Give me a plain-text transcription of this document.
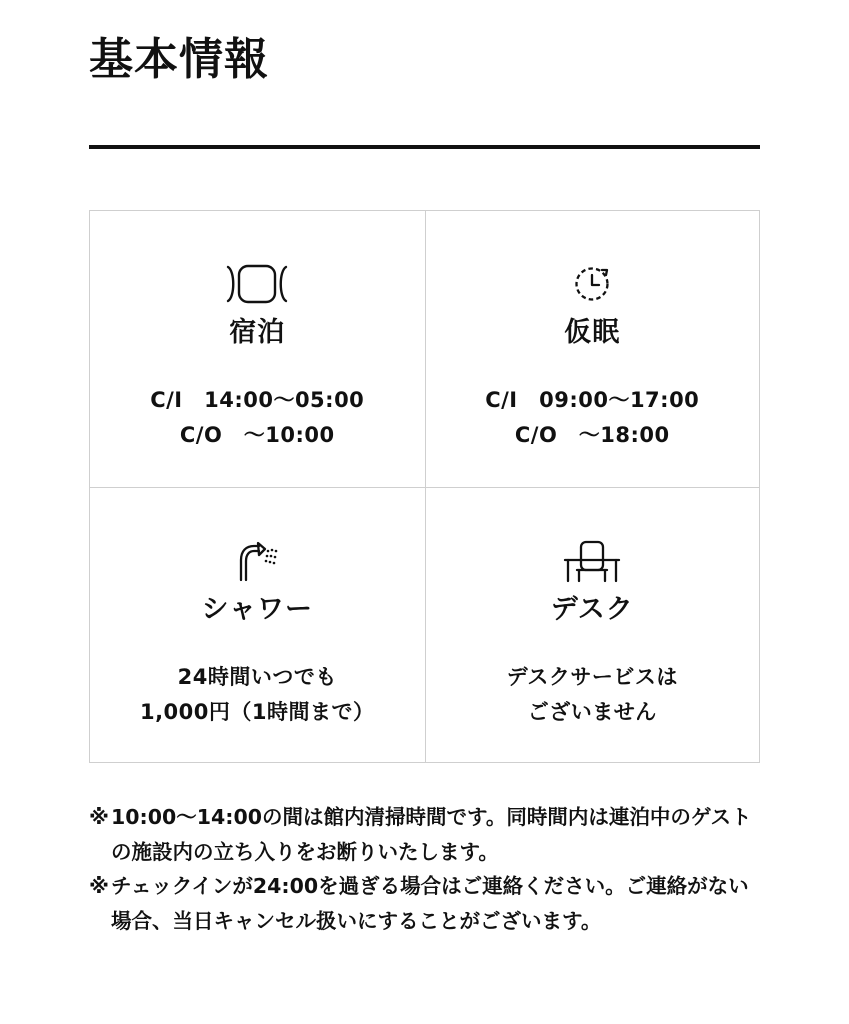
基本情報
宿泊
C/I　14:00〜05:00
C/O　〜10:00
仮眠
C/I　09:00〜17:00
C/O　〜18:00
シャワー
24時間いつでも
1,000円（1時間まで）
デスク
デスクサービスは
ございません
※ 10:00〜14:00の間は館内清掃時間です。同時間内は連泊中のゲストの施設内の立ち入りをお断りいたします。
※ チェックインが24:00を過ぎる場合はご連絡ください。ご連絡がない場合、当日キャンセル扱いにすることがございます。
